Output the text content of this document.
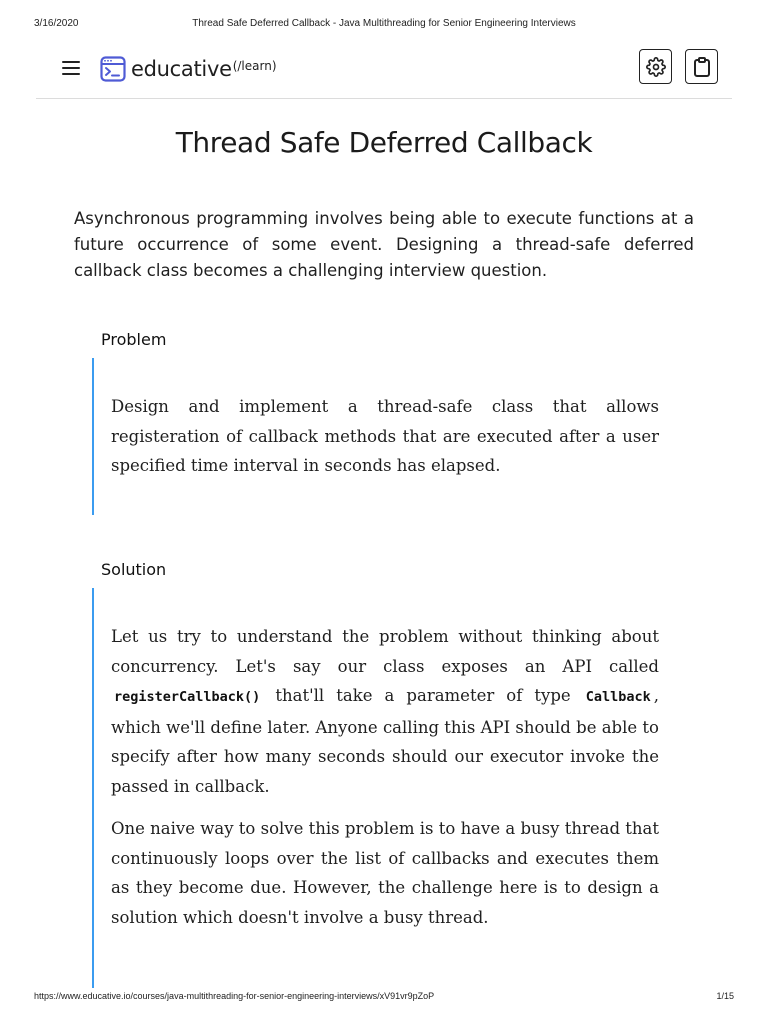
3/16/2020	Thread Safe Deferred Callback - Java Multithreading for Senior Engineering Interviews
educative (/learn)
Thread Safe Deferred Callback

Asynchronous programming involves being able to execute functions at a future occurrence of some event. Designing a thread-safe deferred callback class becomes a challenging interview question.

Problem

Design and implement a thread-safe class that allows registeration of callback methods that are executed after a user specified time interval in seconds has elapsed.

Solution

Let us try to understand the problem without thinking about concurrency. Let's say our class exposes an API called registerCallback() that'll take a parameter of type Callback , which we'll define later. Anyone calling this API should be able to specify after how many seconds should our executor invoke the passed in callback.

One naive way to solve this problem is to have a busy thread that continuously loops over the list of callbacks and executes them as they become due. However, the challenge here is to design a solution which doesn't involve a busy thread.

https://www.educative.io/courses/java-multithreading-for-senior-engineering-interviews/xV91vr9pZoP	1/15
